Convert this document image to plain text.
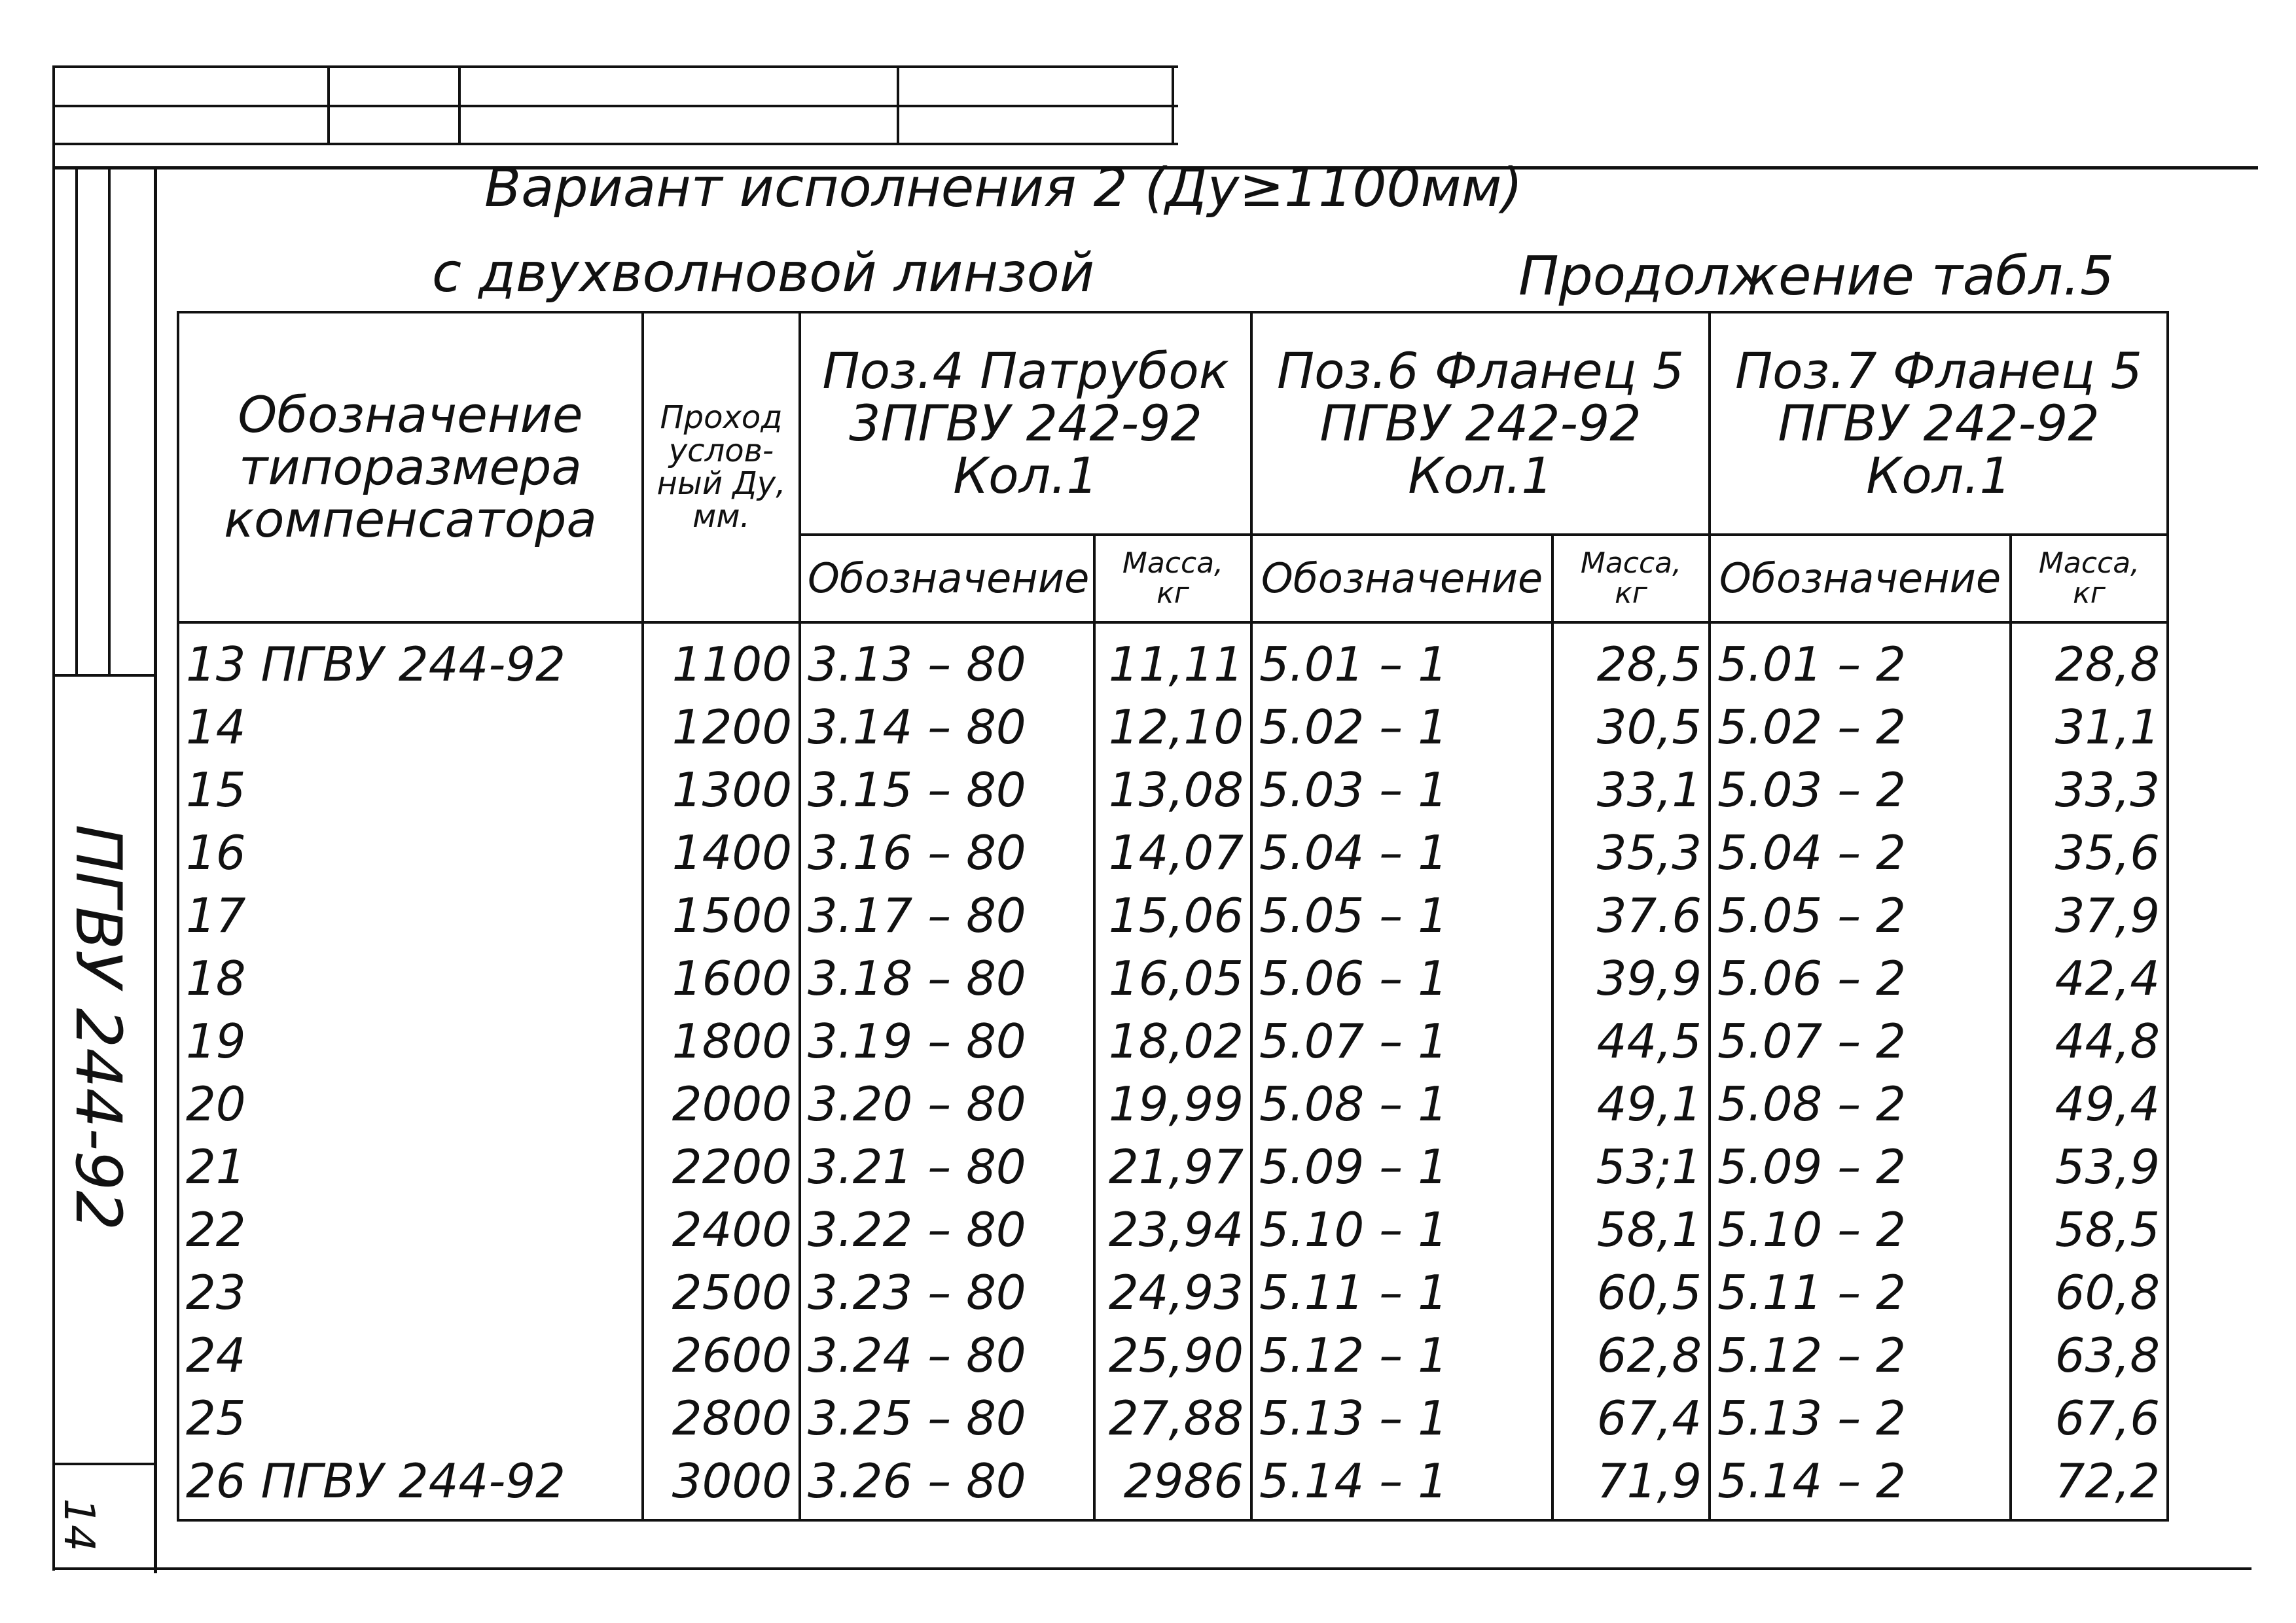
Вариант исполнения 2 (Ду≥1100мм)
с двухволновой линзой	Продолжение табл.5
Обозначение типоразмера компенсатора	Проход услов-ный Ду, мм.	Поз.4 Патрубок 3ПГВУ 242-92 Кол.1		Поз.6 Фланец 5 ПГВУ 242-92 Кол.1		Поз.7 Фланец 5 ПГВУ 242-92 Кол.1	
		Обозначение	Масса, кг	Обозначение	Масса, кг	Обозначение	Масса, кг
13 ПГВУ 244-92	1100	3.13 – 80	11,11	5.01 – 1	28,5	5.01 – 2	28,8
14	1200	3.14 – 80	12,10	5.02 – 1	30,5	5.02 – 2	31,1
15	1300	3.15 – 80	13,08	5.03 – 1	33,1	5.03 – 2	33,3
16	1400	3.16 – 80	14,07	5.04 – 1	35,3	5.04 – 2	35,6
17	1500	3.17 – 80	15,06	5.05 – 1	37.6	5.05 – 2	37,9
18	1600	3.18 – 80	16,05	5.06 – 1	39,9	5.06 – 2	42,4
19	1800	3.19 – 80	18,02	5.07 – 1	44,5	5.07 – 2	44,8
20	2000	3.20 – 80	19,99	5.08 – 1	49,1	5.08 – 2	49,4
21	2200	3.21 – 80	21,97	5.09 – 1	53;1	5.09 – 2	53,9
22	2400	3.22 – 80	23,94	5.10 – 1	58,1	5.10 – 2	58,5
23	2500	3.23 – 80	24,93	5.11 – 1	60,5	5.11 – 2	60,8
24	2600	3.24 – 80	25,90	5.12 – 1	62,8	5.12 – 2	63,8
25	2800	3.25 – 80	27,88	5.13 – 1	67,4	5.13 – 2	67,6
26 ПГВУ 244-92	3000	3.26 – 80	2986	5.14 – 1	71,9	5.14 – 2	72,2
ПГВУ 244-92
14
